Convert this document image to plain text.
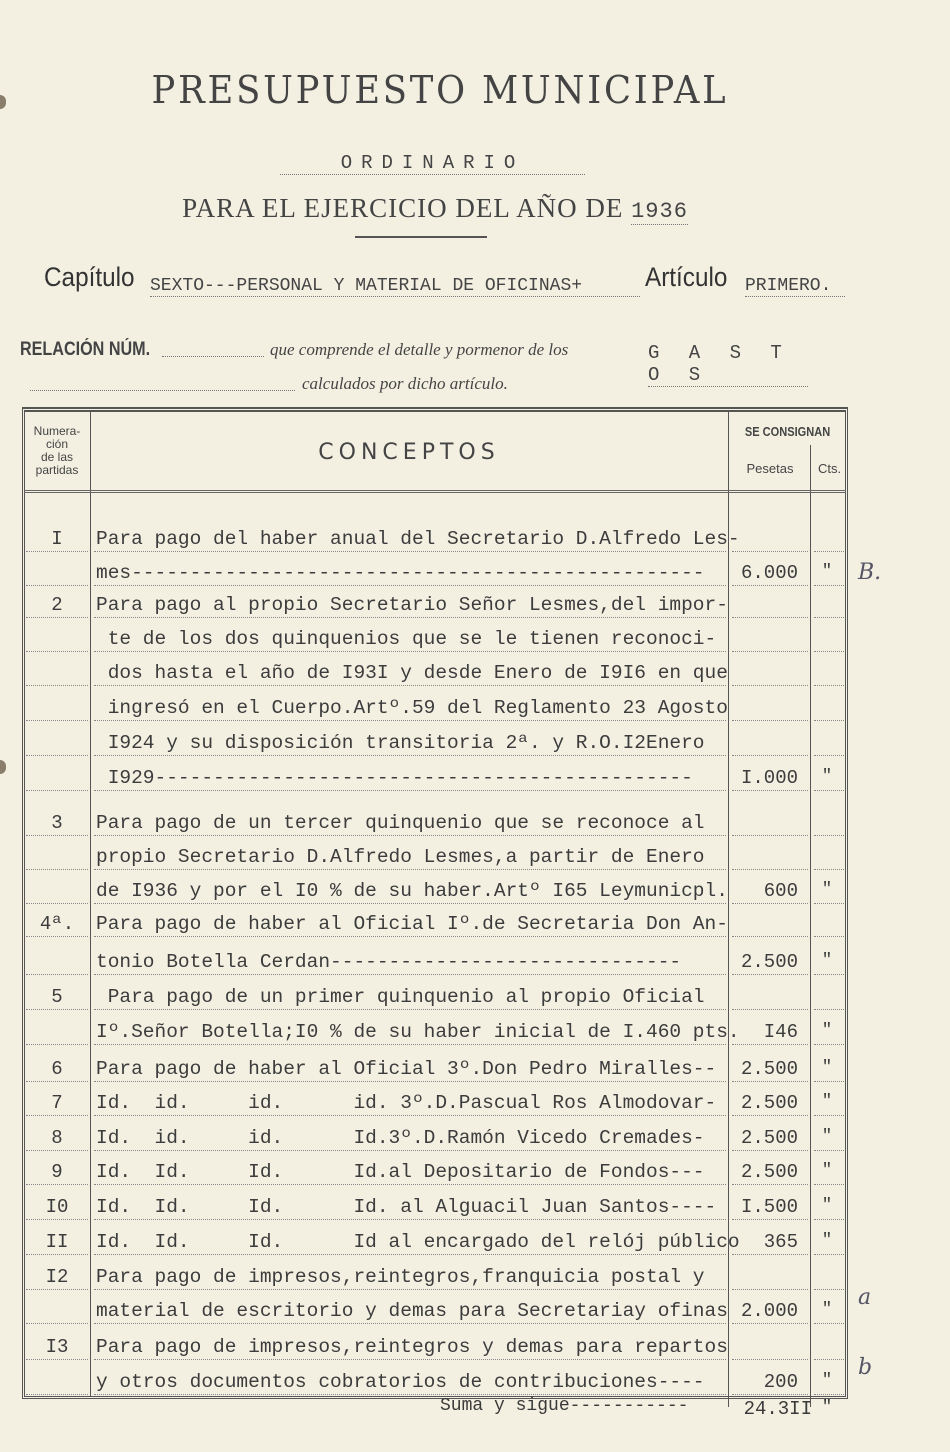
PRESUPUESTO MUNICIPAL
ORDINARIO
PARA EL EJERCICIO DEL AÑO DE 1936
Capítulo SEXTO---PERSONAL Y MATERIAL DE OFICINAS+	Artículo PRIMERO.
RELACIÓN NÚM.	que comprende el detalle y pormenor de los	G A S T O S
calculados por dicho artículo.
Numera-
ción
de las
partidas
CONCEPTOS
SE CONSIGNAN
Pesetas	Cts.
I	Para pago del haber anual del Secretario D.Alfredo Les-
mes-------------------------------------------------	6.000	"
2	Para pago al propio Secretario Señor Lesmes,del impor-
te de los dos quinquenios que se le tienen reconoci-
dos hasta el año de I93I y desde Enero de I9I6 en que
ingresó en el Cuerpo.Artº.59 del Reglamento 23 Agosto
I924 y su disposición transitoria 2ª. y R.O.I2Enero
I929----------------------------------------------	I.000	"
3	Para pago de un tercer quinquenio que se reconoce al
propio Secretario D.Alfredo Lesmes,a partir de Enero
de I936 y por el I0 % de su haber.Artº I65 Leymunicpl.	600	"
4ª.	Para pago de haber al Oficial Iº.de Secretaria Don An-
tonio Botella Cerdan------------------------------	2.500	"
5	Para pago de un primer quinquenio al propio Oficial
Iº.Señor Botella;I0 % de su haber inicial de I.460 pts.	I46	"
6	Para pago de haber al Oficial 3º.Don Pedro Miralles--	2.500	"
7	Id.  id.     id.      id. 3º.D.Pascual Ros Almodovar-	2.500	"
8	Id.  id.     id.      Id.3º.D.Ramón Vicedo Cremades-	2.500	"
9	Id.  Id.     Id.      Id.al Depositario de Fondos---	2.500	"
I0	Id.  Id.     Id.      Id. al Alguacil Juan Santos----	I.500	"
II	Id.  Id.     Id.      Id al encargado del relój público	365	"
I2	Para pago de impresos,reintegros,franquicia postal y
material de escritorio y demas para Secretariay ofinas 2.000	"
I3	Para pago de impresos,reintegros y demas para repartos
y otros documentos cobratorios de contribuciones----	200	"
Suma y sigue-----------	24.3II "
B.
a
b
